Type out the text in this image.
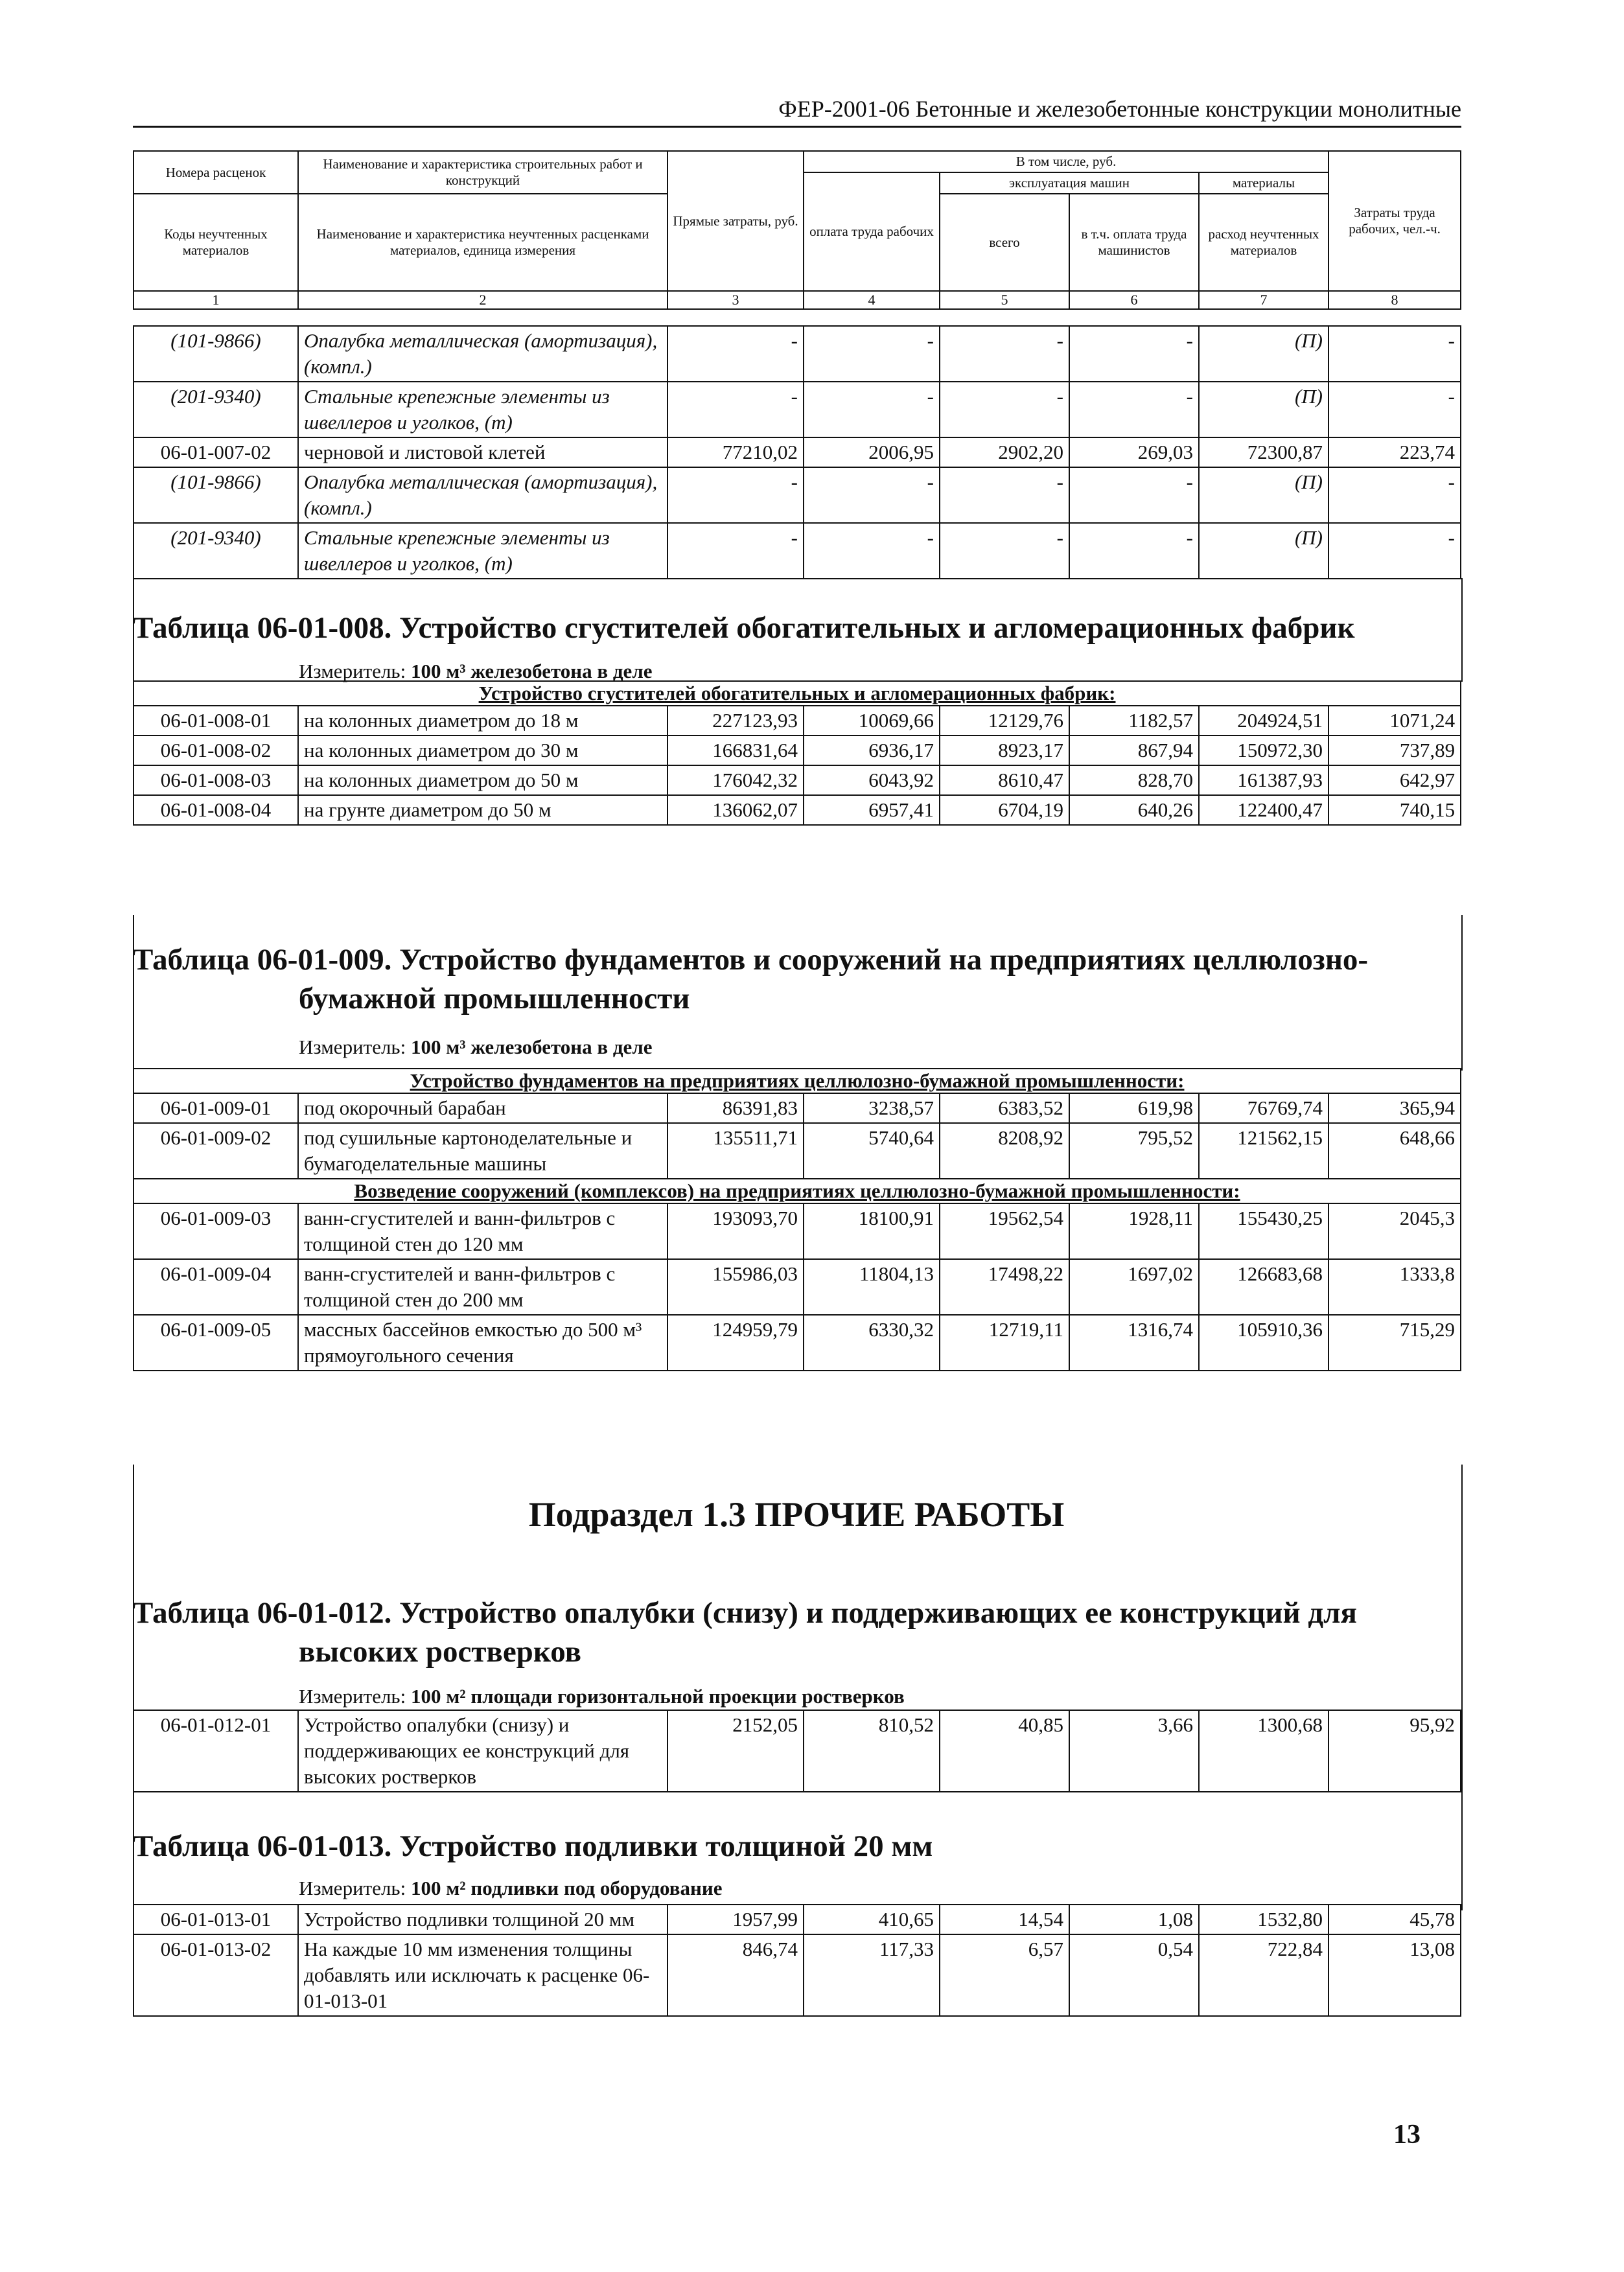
ФЕР-2001-06 Бетонные и железобетонные конструкции монолитные
Номера расценок	Наименование и характеристика строительных работ и конструкций	Прямые затраты, руб.	В том числе, руб.				Затраты труда рабочих, чел.-ч.
			оплата труда рабочих	эксплуатация машин		материалы	
Коды неучтенных материалов	Наименование и характеристика неучтенных расценками материалов, единица измерения			всего	в т.ч. оплата труда машинистов	расход неучтенных материалов	

1	2	3	4	5	6	7	8
(101-9866)	Опалубка металлическая (амортизация), (компл.)	-	-	-	-	(П)	-
(201-9340)	Стальные крепежные элементы из швеллеров и уголков, (т)	-	-	-	-	(П)	-
06-01-007-02	черновой и листовой клетей	77210,02	2006,95	2902,20	269,03	72300,87	223,74
(101-9866)	Опалубка металлическая (амортизация), (компл.)	-	-	-	-	(П)	-
(201-9340)	Стальные крепежные элементы из швеллеров и уголков, (т)	-	-	-	-	(П)	-
Таблица 06-01-008. Устройство сгустителей обогатительных и агломерационных фабрик
Измеритель: 100 м³ железобетона в деле
Устройство сгустителей обогатительных и агломерационных фабрик:							
06-01-008-01	на колонных диаметром до 18 м	227123,93	10069,66	12129,76	1182,57	204924,51	1071,24
06-01-008-02	на колонных диаметром до 30 м	166831,64	6936,17	8923,17	867,94	150972,30	737,89
06-01-008-03	на колонных диаметром до 50 м	176042,32	6043,92	8610,47	828,70	161387,93	642,97
06-01-008-04	на грунте диаметром до 50 м	136062,07	6957,41	6704,19	640,26	122400,47	740,15
Таблица 06-01-009. Устройство фундаментов и сооружений на предприятиях целлюлозно-
бумажной промышленности
Измеритель: 100 м³ железобетона в деле
Устройство фундаментов на предприятиях целлюлозно-бумажной промышленности:							
06-01-009-01	под окорочный барабан	86391,83	3238,57	6383,52	619,98	76769,74	365,94
06-01-009-02	под сушильные картоноделательные и бумагоделательные машины	135511,71	5740,64	8208,92	795,52	121562,15	648,66
Возведение сооружений (комплексов) на предприятиях целлюлозно-бумажной промышленности:							
06-01-009-03	ванн-сгустителей и ванн-фильтров с толщиной стен до 120 мм	193093,70	18100,91	19562,54	1928,11	155430,25	2045,3
06-01-009-04	ванн-сгустителей и ванн-фильтров с толщиной стен до 200 мм	155986,03	11804,13	17498,22	1697,02	126683,68	1333,8
06-01-009-05	массных бассейнов емкостью до 500 м³ прямоугольного сечения	124959,79	6330,32	12719,11	1316,74	105910,36	715,29
Подраздел 1.3 ПРОЧИЕ РАБОТЫ
Таблица 06-01-012. Устройство опалубки (снизу) и поддерживающих ее конструкций для
высоких ростверков
Измеритель: 100 м² площади горизонтальной проекции ростверков
06-01-012-01	Устройство опалубки (снизу) и поддерживающих ее конструкций для высоких ростверков	2152,05	810,52	40,85	3,66	1300,68	95,92
Таблица 06-01-013. Устройство подливки толщиной 20 мм
Измеритель: 100 м² подливки под оборудование
06-01-013-01	Устройство подливки толщиной 20 мм	1957,99	410,65	14,54	1,08	1532,80	45,78
06-01-013-02	На каждые 10 мм изменения толщины добавлять или исключать к расценке 06-01-013-01	846,74	117,33	6,57	0,54	722,84	13,08
13
